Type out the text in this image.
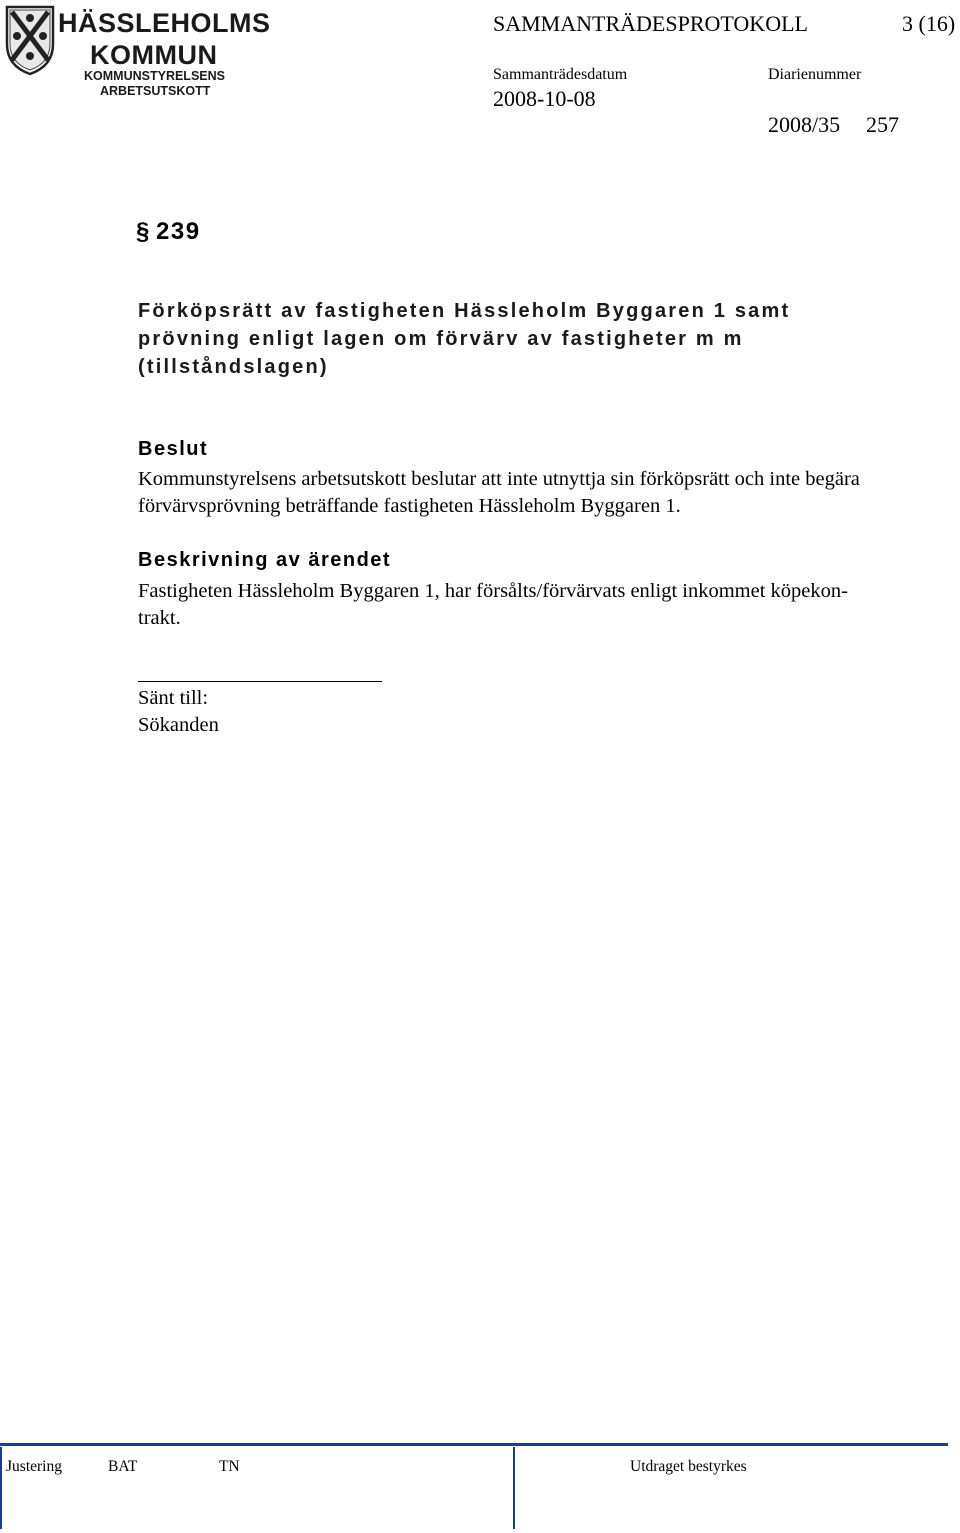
HÄSSLEHOLMS
KOMMUN
KOMMUNSTYRELSENS
ARBETSUTSKOTT
SAMMANTRÄDESPROTOKOLL	3 (16)
Sammanträdesdatum	Diarienummer
2008-10-08
2008/35 257
§ 239
Förköpsrätt av fastigheten Hässleholm Byggaren 1 samt
prövning enligt lagen om förvärv av fastigheter m m
(tillståndslagen)
Beslut
Kommunstyrelsens arbetsutskott beslutar att inte utnyttja sin förköpsrätt och inte begära
förvärvsprövning beträffande fastigheten Hässleholm Byggaren 1.
Beskrivning av ärendet
Fastigheten Hässleholm Byggaren 1, har försålts/förvärvats enligt inkommet köpekon-
trakt.
Sänt till:
Sökanden
Justering	BAT	TN	Utdraget bestyrkes
